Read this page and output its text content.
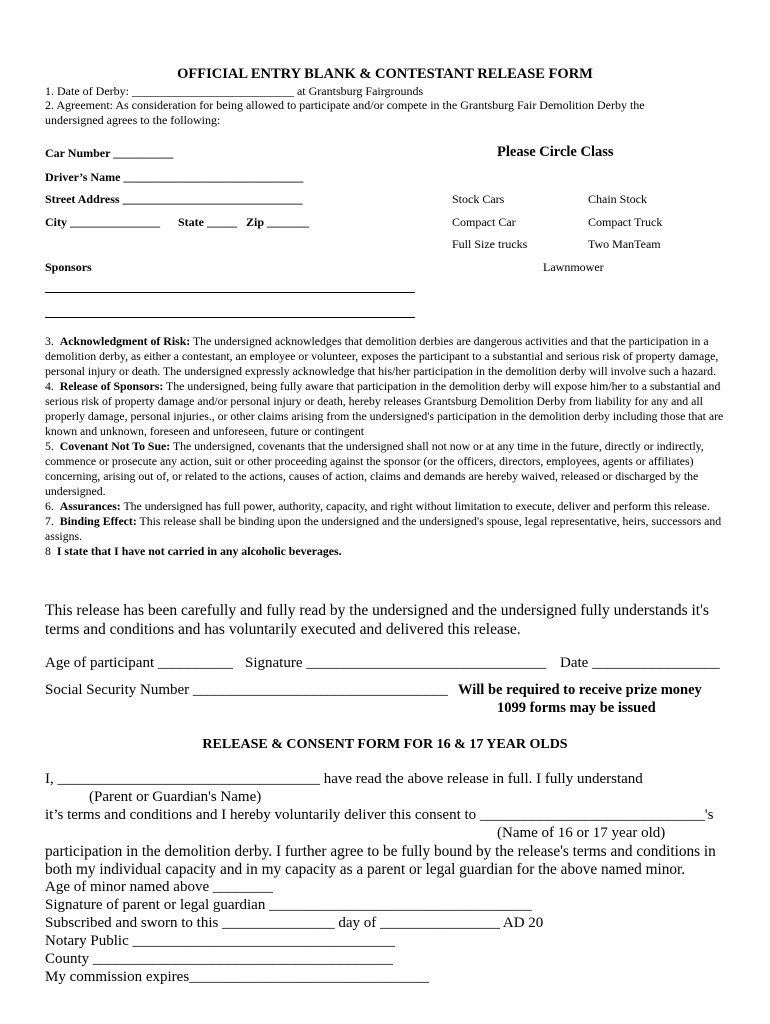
OFFICIAL ENTRY BLANK & CONTESTANT RELEASE FORM
1. Date of Derby: ___________________________ at Grantsburg Fairgrounds
2. Agreement: As consideration for being allowed to participate and/or compete in the Grantsburg Fair Demolition Derby the
undersigned agrees to the following:
Car Number __________
Driver’s Name ______________________________
Street Address ______________________________
City _______________ State _____ Zip _______
Sponsors
Please Circle Class
Stock Cars
Compact Car
Full Size trucks
Chain Stock
Compact Truck
Two ManTeam
Lawnmower

3. Acknowledgment of Risk: The undersigned acknowledges that demolition derbies are dangerous activities and that the participation in a demolition derby, as either a contestant, an employee or volunteer, exposes the participant to a substantial and serious risk of property damage, personal injury or death. The undersigned expressly acknowledge that his/her participation in the demolition derby will involve such a hazard.

4. Release of Sponsors: The undersigned, being fully aware that participation in the demolition derby will expose him/her to a substantial and serious risk of property damage and/or personal injury or death, hereby releases Grantsburg Demolition Derby from liability for any and all properly damage, personal injuries., or other claims arising from the undersigned's participation in the demolition derby including those that are known and unknown, foreseen and unforeseen, future or contingent

5. Covenant Not To Sue: The undersigned, covenants that the undersigned shall not now or at any time in the future, directly or indirectly, commence or prosecute any action, suit or other proceeding against the sponsor (or the officers, directors, employees, agents or affiliates) concerning, arising out of, or related to the actions, causes of action, claims and demands are hereby waived, released or discharged by the undersigned.

6. Assurances: The undersigned has full power, authority, capacity, and right without limitation to execute, deliver and perform this release.

7. Binding Effect: This release shall be binding upon the undersigned and the undersigned's spouse, legal representative, heirs, successors and assigns.

8 I state that I have not carried in any alcoholic beverages.

This release has been carefully and fully read by the undersigned and the undersigned fully understands it's terms and conditions and has voluntarily executed and delivered this release.
Age of participant __________ Signature ________________________________ Date _________________
Social Security Number __________________________________ Will be required to receive prize money
1099 forms may be issued
RELEASE & CONSENT FORM FOR 16 & 17 YEAR OLDS
I, ___________________________________ have read the above release in full. I fully understand
(Parent or Guardian's Name)
it’s terms and conditions and I hereby voluntarily deliver this consent to ______________________________'s
(Name of 16 or 17 year old)
participation in the demolition derby. I further agree to be fully bound by the release's terms and conditions in both my individual capacity and in my capacity as a parent or legal guardian for the above named minor.
Age of minor named above ________
Signature of parent or legal guardian ___________________________________
Subscribed and sworn to this _______________ day of ________________ AD 20
Notary Public ___________________________________
County ________________________________________
My commission expires________________________________
